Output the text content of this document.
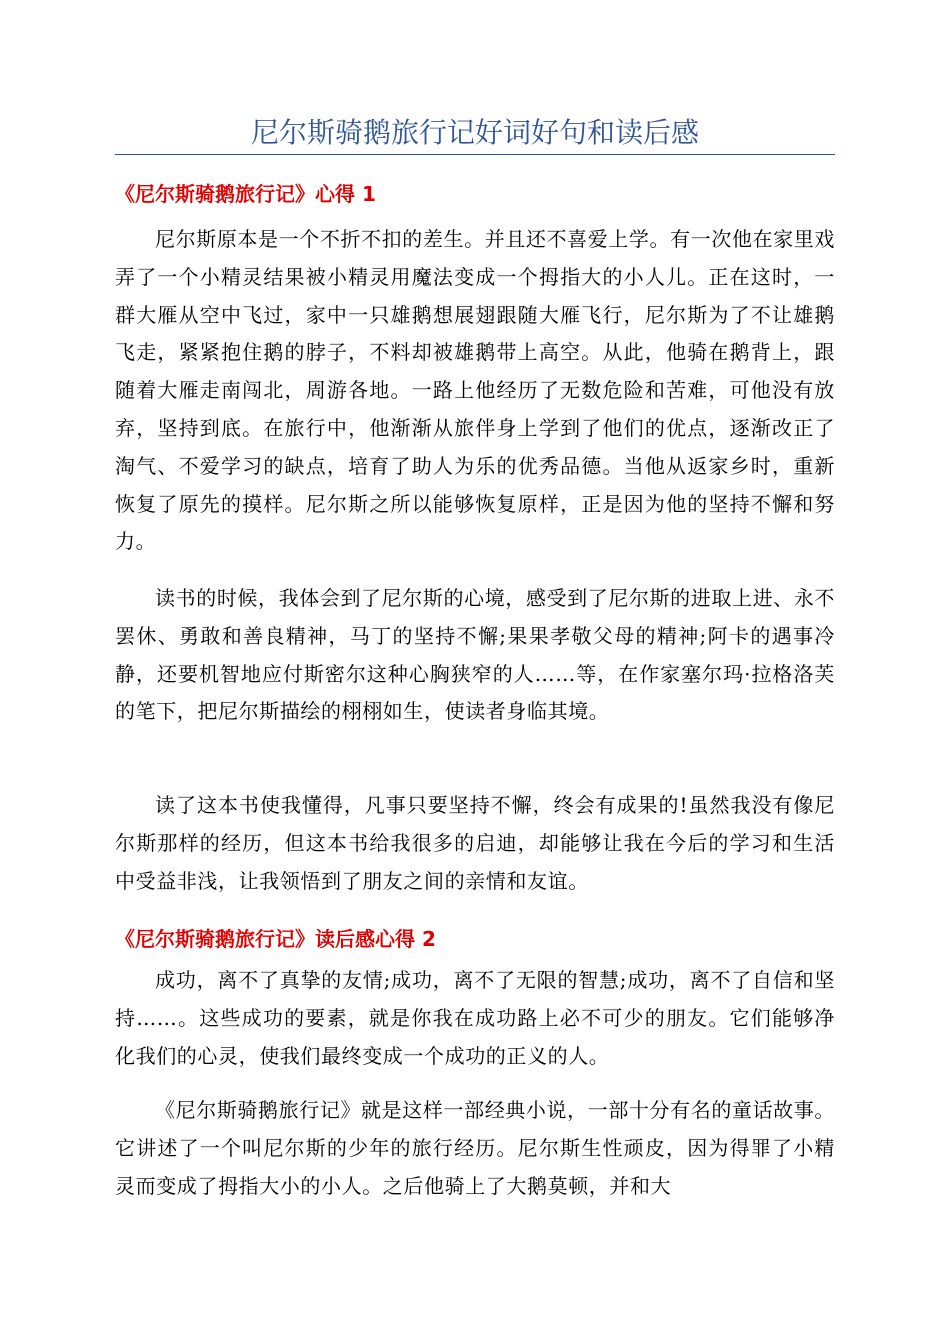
尼尔斯骑鹅旅行记好词好句和读后感
《尼尔斯骑鹅旅行记》心得 1

尼尔斯原本是一个不折不扣的差生。并且还不喜爱上学。有一次他在家里戏弄了一个小精灵结果被小精灵用魔法变成一个拇指大的小人儿。正在这时，一群大雁从空中飞过，家中一只雄鹅想展翅跟随大雁飞行，尼尔斯为了不让雄鹅飞走，紧紧抱住鹅的脖子，不料却被雄鹅带上高空。从此，他骑在鹅背上，跟随着大雁走南闯北，周游各地。一路上他经历了无数危险和苦难，可他没有放弃，坚持到底。在旅行中，他渐渐从旅伴身上学到了他们的优点，逐渐改正了淘气、不爱学习的缺点，培育了助人为乐的优秀品德。当他从返家乡时，重新恢复了原先的摸样。尼尔斯之所以能够恢复原样，正是因为他的坚持不懈和努力。

读书的时候，我体会到了尼尔斯的心境，感受到了尼尔斯的进取上进、永不罢休、勇敢和善良精神，马丁的坚持不懈;果果孝敬父母的精神;阿卡的遇事冷静，还要机智地应付斯密尔这种心胸狭窄的人……等，在作家塞尔玛·拉格洛芙的笔下，把尼尔斯描绘的栩栩如生，使读者身临其境。

读了这本书使我懂得，凡事只要坚持不懈，终会有成果的!虽然我没有像尼尔斯那样的经历，但这本书给我很多的启迪，却能够让我在今后的学习和生活中受益非浅，让我领悟到了朋友之间的亲情和友谊。

《尼尔斯骑鹅旅行记》读后感心得 2

成功，离不了真挚的友情;成功，离不了无限的智慧;成功，离不了自信和坚持……。这些成功的要素，就是你我在成功路上必不可少的朋友。它们能够净化我们的心灵，使我们最终变成一个成功的正义的人。

《尼尔斯骑鹅旅行记》就是这样一部经典小说，一部十分有名的童话故事。它讲述了一个叫尼尔斯的少年的旅行经历。尼尔斯生性顽皮，因为得罪了小精灵而变成了拇指大小的小人。之后他骑上了大鹅莫顿，并和大
